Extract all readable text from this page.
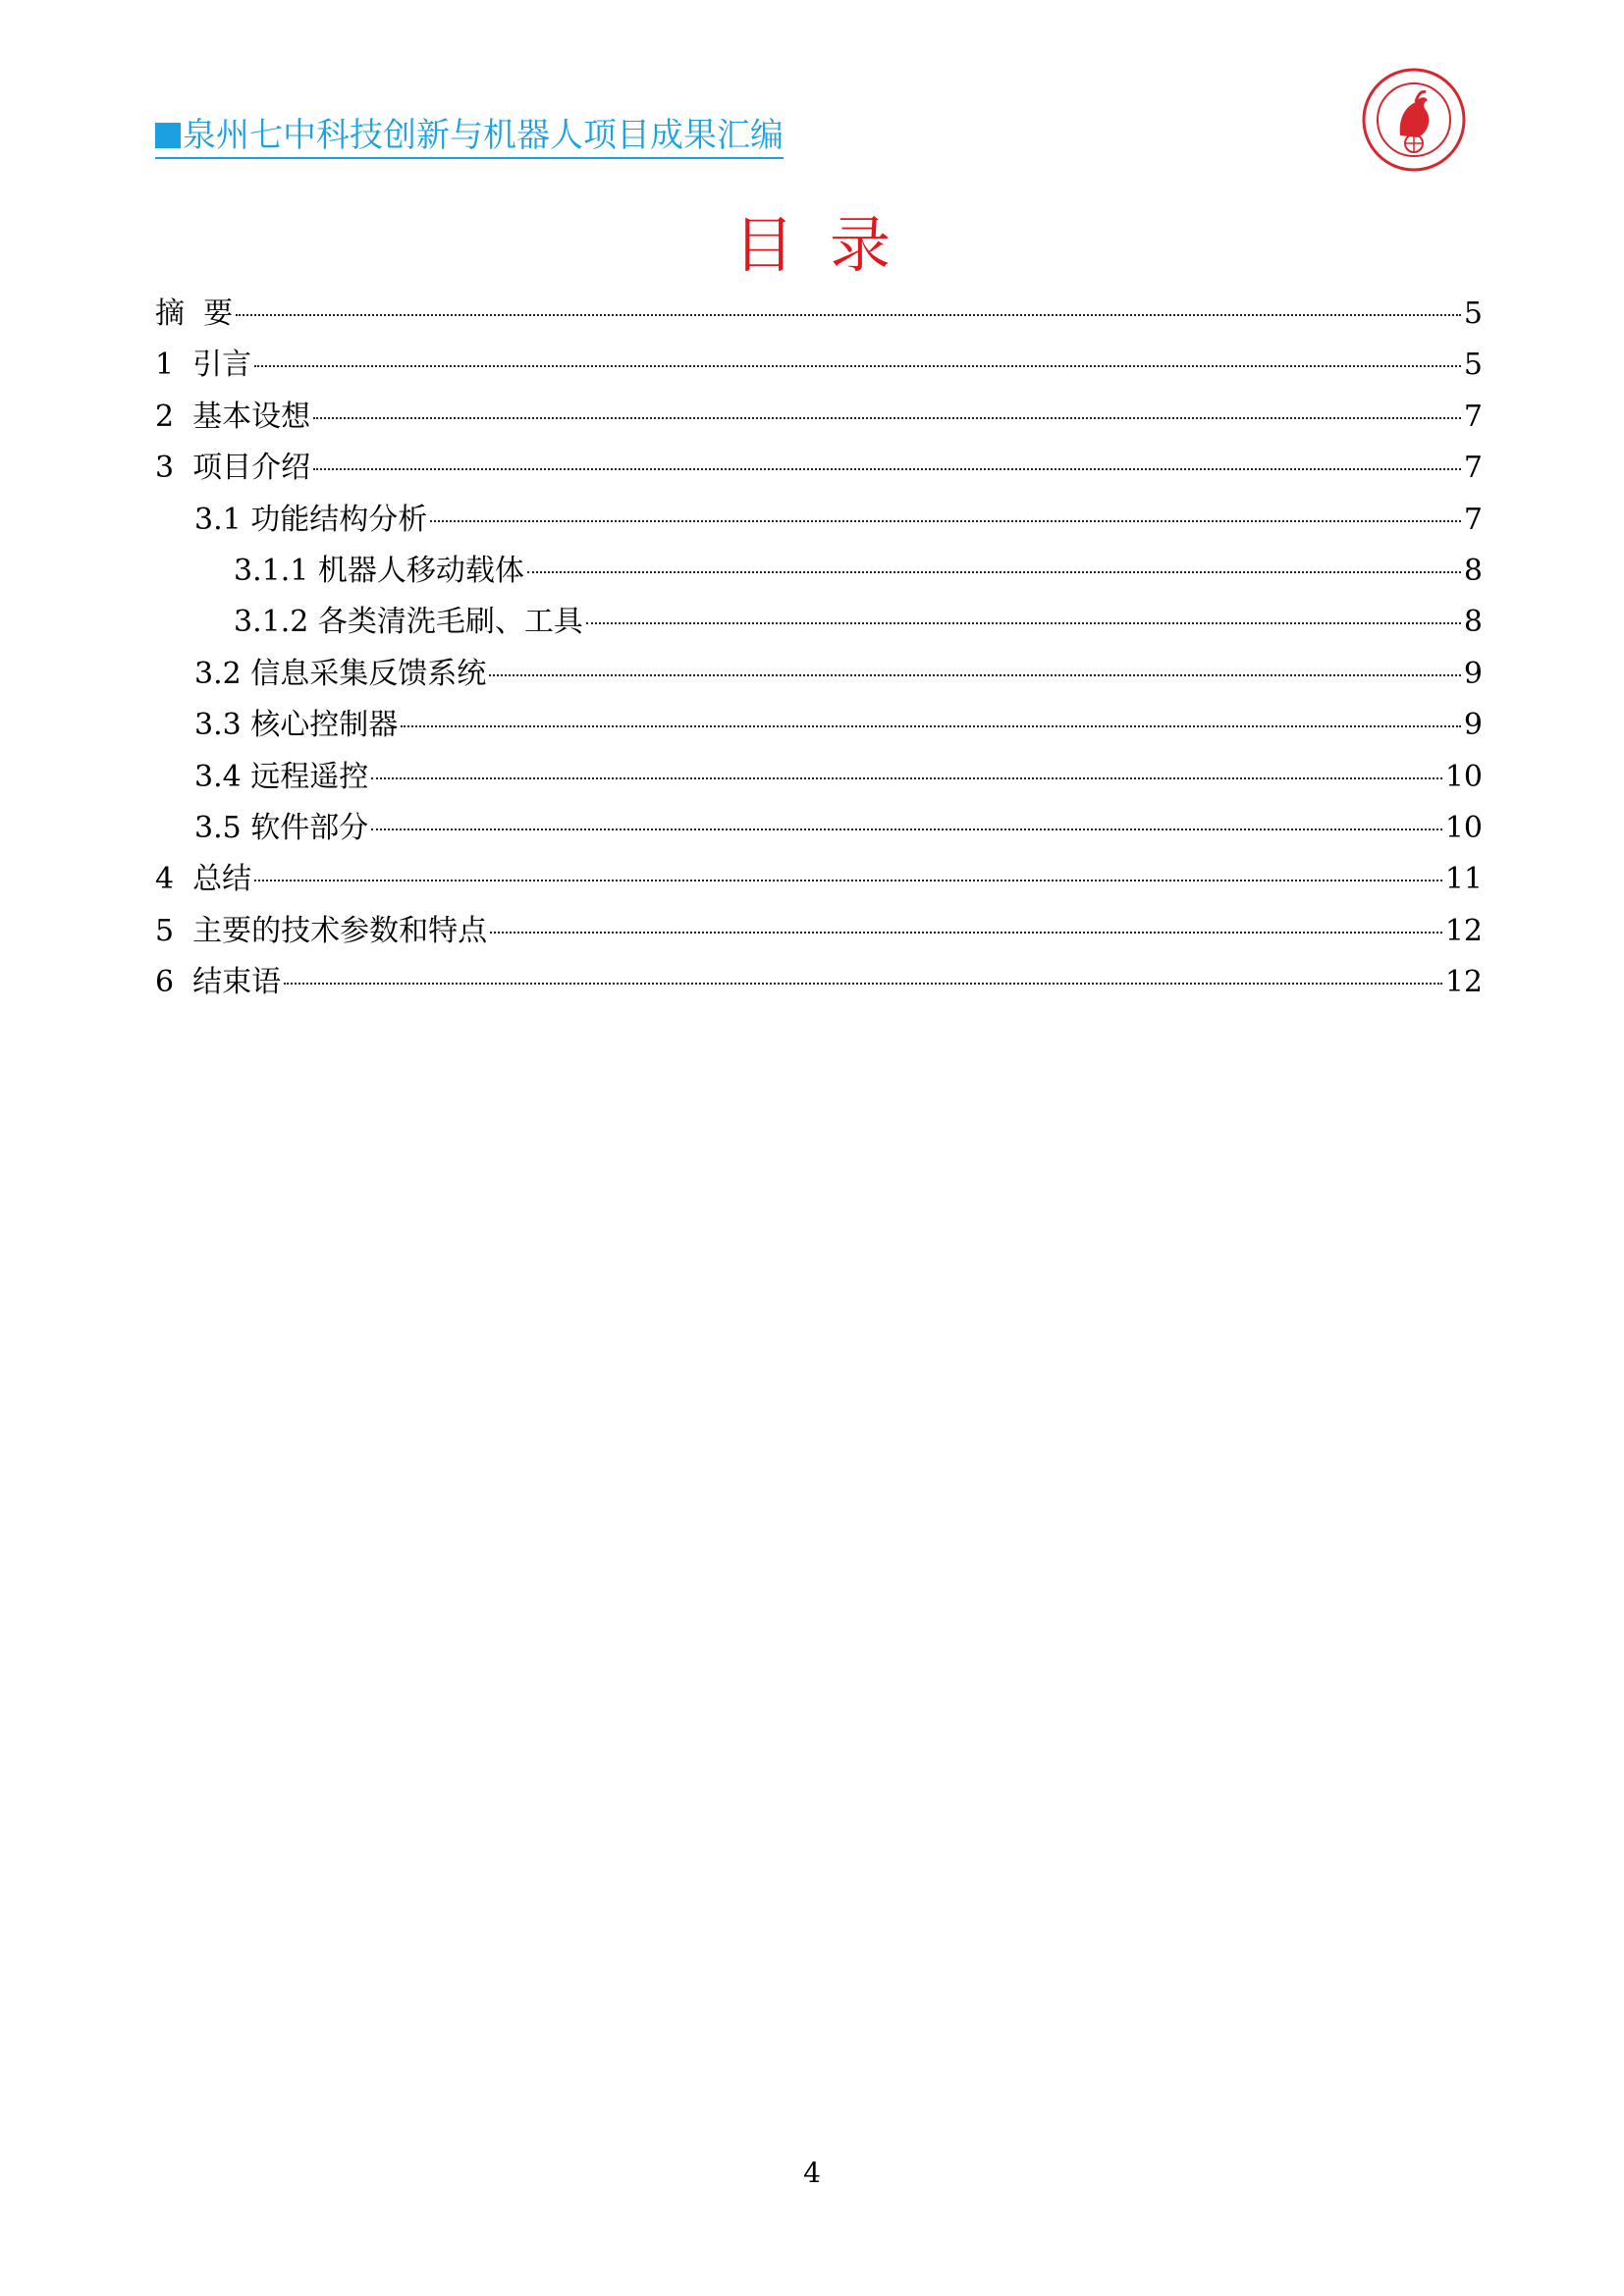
泉州七中科技创新与机器人项目成果汇编
目录
摘  要	5
1  引言	5
2  基本设想	7
3  项目介绍	7
3.1 功能结构分析	7
3.1.1 机器人移动载体	8
3.1.2 各类清洗毛刷、工具	8
3.2 信息采集反馈系统	9
3.3 核心控制器	9
3.4 远程遥控	10
3.5 软件部分	10
4  总结	11
5  主要的技术参数和特点	12
6  结束语	12
4
